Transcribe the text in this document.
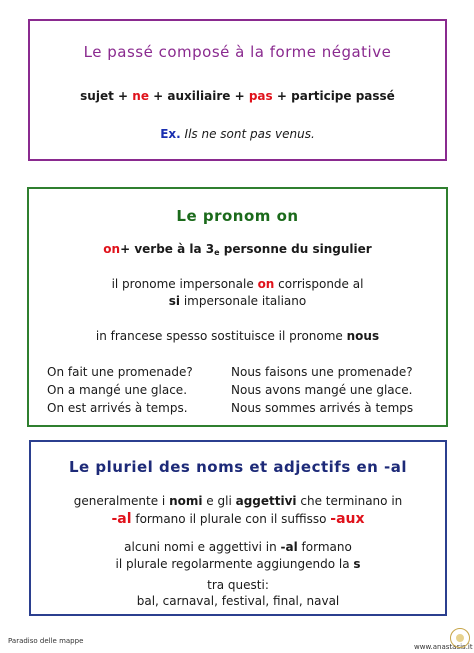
Le passé composé à la forme négative
sujet + ne + auxiliaire + pas + participe passé
Ex. Ils ne sont pas venus.
Le pronom on
on+ verbe à la $3_e$ personne du singulier
il pronome impersonale on corrisponde al
si impersonale italiano
in francese spesso sostituisce il pronome nous
On fait une promenade?
On a mangé une glace.
On est arrivés à temps.
Nous faisons une promenade?
Nous avons mangé une glace.
Nous sommes arrivés à temps
Le pluriel des noms et adjectifs en -al
generalmente i nomi e gli aggettivi che terminano in
-al formano il plurale con il suffisso -aux
alcuni nomi e aggettivi in -al formano
il plurale regolarmente aggiungendo la s
tra questi:
bal, carnaval, festival, final, naval
Paradiso delle mappe
www.anastasis.it
